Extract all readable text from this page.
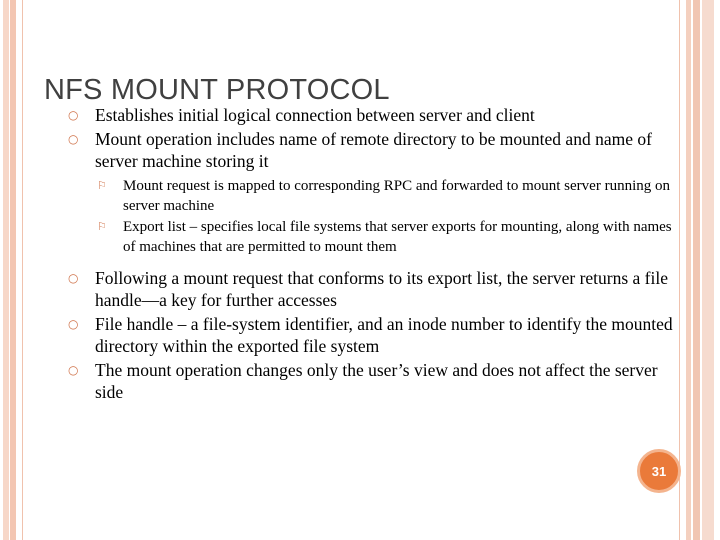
NFS MOUNT PROTOCOL
○ Establishes initial logical connection between server and client
○ Mount operation includes name of remote directory to be mounted and name of server machine storing it
⚐ Mount request is mapped to corresponding RPC and forwarded to mount server running on server machine
⚐ Export list – specifies local file systems that server exports for mounting, along with names of machines that are permitted to mount them
○ Following a mount request that conforms to its export list, the server returns a file handle—a key for further accesses
○ File handle – a file-system identifier, and an inode number to identify the mounted directory within the exported file system
○ The mount operation changes only the user’s view and does not affect the server side
31
